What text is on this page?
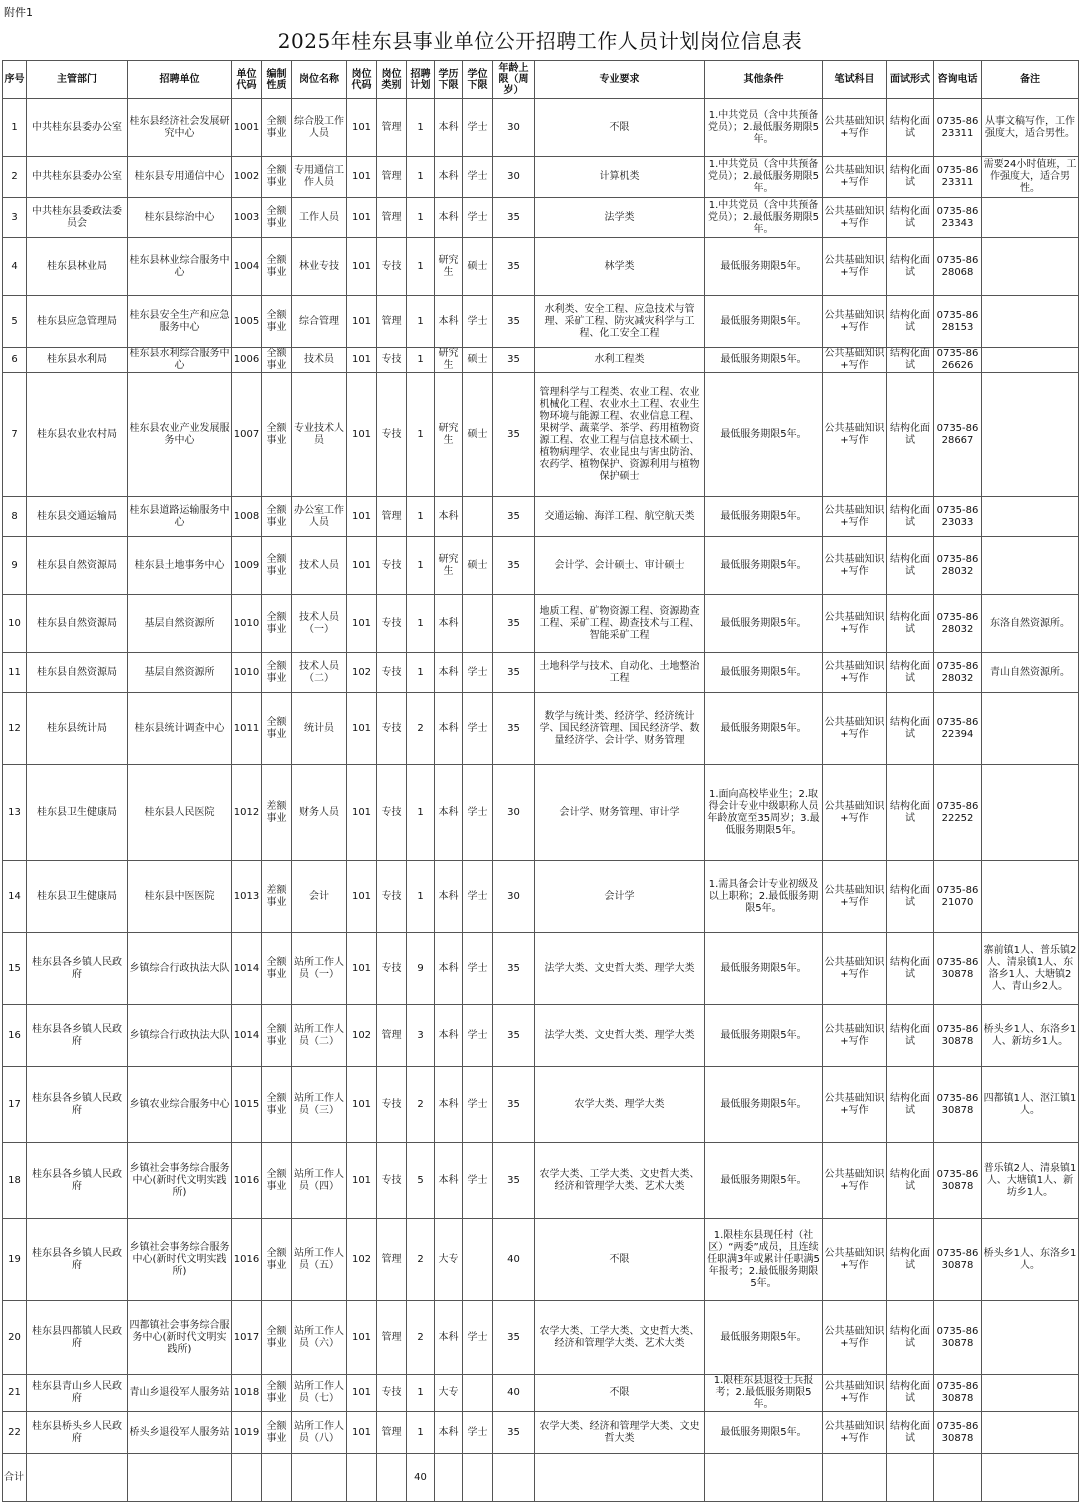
附件1
2025年桂东县事业单位公开招聘工作人员计划岗位信息表
序号	主管部门	招聘单位	单位代码	编制性质	岗位名称	岗位代码	岗位类别	招聘计划	学历下限	学位下限	年龄上限（周岁）	专业要求	其他条件	笔试科目	面试形式	咨询电话	备注
1	中共桂东县委办公室	桂东县经济社会发展研究中心	1001	全额事业	综合股工作人员	101	管理	1	本科	学士	30	不限	1.中共党员（含中共预备党员）；2.最低服务期限5年。	公共基础知识+写作	结构化面试	0735-8623311	从事文稿写作，工作强度大，适合男性。
2	中共桂东县委办公室	桂东县专用通信中心	1002	全额事业	专用通信工作人员	101	管理	1	本科	学士	30	计算机类	1.中共党员（含中共预备党员）；2.最低服务期限5年。	公共基础知识+写作	结构化面试	0735-8623311	需要24小时值班，工作强度大，适合男性。
3	中共桂东县委政法委员会	桂东县综治中心	1003	全额事业	工作人员	101	管理	1	本科	学士	35	法学类	1.中共党员（含中共预备党员）；2.最低服务期限5年。	公共基础知识+写作	结构化面试	0735-8623343	
4	桂东县林业局	桂东县林业综合服务中心	1004	全额事业	林业专技	101	专技	1	研究生	硕士	35	林学类	最低服务期限5年。	公共基础知识+写作	结构化面试	0735-8628068	
5	桂东县应急管理局	桂东县安全生产和应急服务中心	1005	全额事业	综合管理	101	管理	1	本科	学士	35	水利类、安全工程、应急技术与管理、采矿工程、防灾减灾科学与工程、化工安全工程	最低服务期限5年。	公共基础知识+写作	结构化面试	0735-8628153	
6	桂东县水利局	桂东县水利综合服务中心	1006	全额事业	技术员	101	专技	1	研究生	硕士	35	水利工程类	最低服务期限5年。	公共基础知识+写作	结构化面试	0735-8626626	
7	桂东县农业农村局	桂东县农业产业发展服务中心	1007	全额事业	专业技术人员	101	专技	1	研究生	硕士	35	管理科学与工程类、农业工程、农业机械化工程、农业水土工程、农业生物环境与能源工程、农业信息工程、果树学、蔬菜学、茶学、药用植物资源工程、农业工程与信息技术硕士、植物病理学、农业昆虫与害虫防治、农药学、植物保护、资源利用与植物保护硕士	最低服务期限5年。	公共基础知识+写作	结构化面试	0735-8628667	
8	桂东县交通运输局	桂东县道路运输服务中心	1008	全额事业	办公室工作人员	101	管理	1	本科		35	交通运输、海洋工程、航空航天类	最低服务期限5年。	公共基础知识+写作	结构化面试	0735-8623033	
9	桂东县自然资源局	桂东县土地事务中心	1009	全额事业	技术人员	101	专技	1	研究生	硕士	35	会计学、会计硕士、审计硕士	最低服务期限5年。	公共基础知识+写作	结构化面试	0735-8628032	
10	桂东县自然资源局	基层自然资源所	1010	全额事业	技术人员（一）	101	专技	1	本科		35	地质工程、矿物资源工程、资源勘查工程、采矿工程、勘查技术与工程、智能采矿工程	最低服务期限5年。	公共基础知识+写作	结构化面试	0735-8628032	东洛自然资源所。
11	桂东县自然资源局	基层自然资源所	1010	全额事业	技术人员（二）	102	专技	1	本科	学士	35	土地科学与技术、自动化、土地整治工程	最低服务期限5年。	公共基础知识+写作	结构化面试	0735-8628032	青山自然资源所。
12	桂东县统计局	桂东县统计调查中心	1011	全额事业	统计员	101	专技	2	本科	学士	35	数学与统计类、经济学、经济统计学、国民经济管理、国民经济学、数量经济学、会计学、财务管理	最低服务期限5年。	公共基础知识+写作	结构化面试	0735-8622394	
13	桂东县卫生健康局	桂东县人民医院	1012	差额事业	财务人员	101	专技	1	本科	学士	30	会计学、财务管理、审计学	1.面向高校毕业生；2.取得会计专业中级职称人员年龄放宽至35周岁；3.最低服务期限5年。	公共基础知识+写作	结构化面试	0735-8622252	
14	桂东县卫生健康局	桂东县中医医院	1013	差额事业	会计	101	专技	1	本科	学士	30	会计学	1.需具备会计专业初级及以上职称；2.最低服务期限5年。	公共基础知识+写作	结构化面试	0735-8621070	
15	桂东县各乡镇人民政府	乡镇综合行政执法大队	1014	全额事业	站所工作人员（一）	101	专技	9	本科	学士	35	法学大类、文史哲大类、理学大类	最低服务期限5年。	公共基础知识+写作	结构化面试	0735-8630878	寨前镇1人、普乐镇2人、清泉镇1人、东洛乡1人、大塘镇2人、青山乡2人。
16	桂东县各乡镇人民政府	乡镇综合行政执法大队	1014	全额事业	站所工作人员（二）	102	管理	3	本科	学士	35	法学大类、文史哲大类、理学大类	最低服务期限5年。	公共基础知识+写作	结构化面试	0735-8630878	桥头乡1人、东洛乡1人、新坊乡1人。
17	桂东县各乡镇人民政府	乡镇农业综合服务中心	1015	全额事业	站所工作人员（三）	101	专技	2	本科	学士	35	农学大类、理学大类	最低服务期限5年。	公共基础知识+写作	结构化面试	0735-8630878	四都镇1人、沤江镇1人。
18	桂东县各乡镇人民政府	乡镇社会事务综合服务中心(新时代文明实践所)	1016	全额事业	站所工作人员（四）	101	专技	5	本科	学士	35	农学大类、工学大类、文史哲大类、经济和管理学大类、艺术大类	最低服务期限5年。	公共基础知识+写作	结构化面试	0735-8630878	普乐镇2人、清泉镇1人、大塘镇1人、新坊乡1人。
19	桂东县各乡镇人民政府	乡镇社会事务综合服务中心(新时代文明实践所)	1016	全额事业	站所工作人员（五）	102	管理	2	大专		40	不限	1.限桂东县现任村（社区）“两委”成员，且连续任职满3年或累计任职满5年报考；2.最低服务期限5年。	公共基础知识+写作	结构化面试	0735-8630878	桥头乡1人、东洛乡1人。
20	桂东县四都镇人民政府	四都镇社会事务综合服务中心(新时代文明实践所)	1017	全额事业	站所工作人员（六）	101	管理	2	本科	学士	35	农学大类、工学大类、文史哲大类、经济和管理学大类、艺术大类	最低服务期限5年。	公共基础知识+写作	结构化面试	0735-8630878	
21	桂东县青山乡人民政府	青山乡退役军人服务站	1018	全额事业	站所工作人员（七）	101	专技	1	大专		40	不限	1.限桂东县退役士兵报考；2.最低服务期限5年。	公共基础知识+写作	结构化面试	0735-8630878	
22	桂东县桥头乡人民政府	桥头乡退役军人服务站	1019	全额事业	站所工作人员（八）	101	管理	1	本科	学士	35	农学大类、经济和管理学大类、文史哲大类	最低服务期限5年。	公共基础知识+写作	结构化面试	0735-8630878	
合计								40									
